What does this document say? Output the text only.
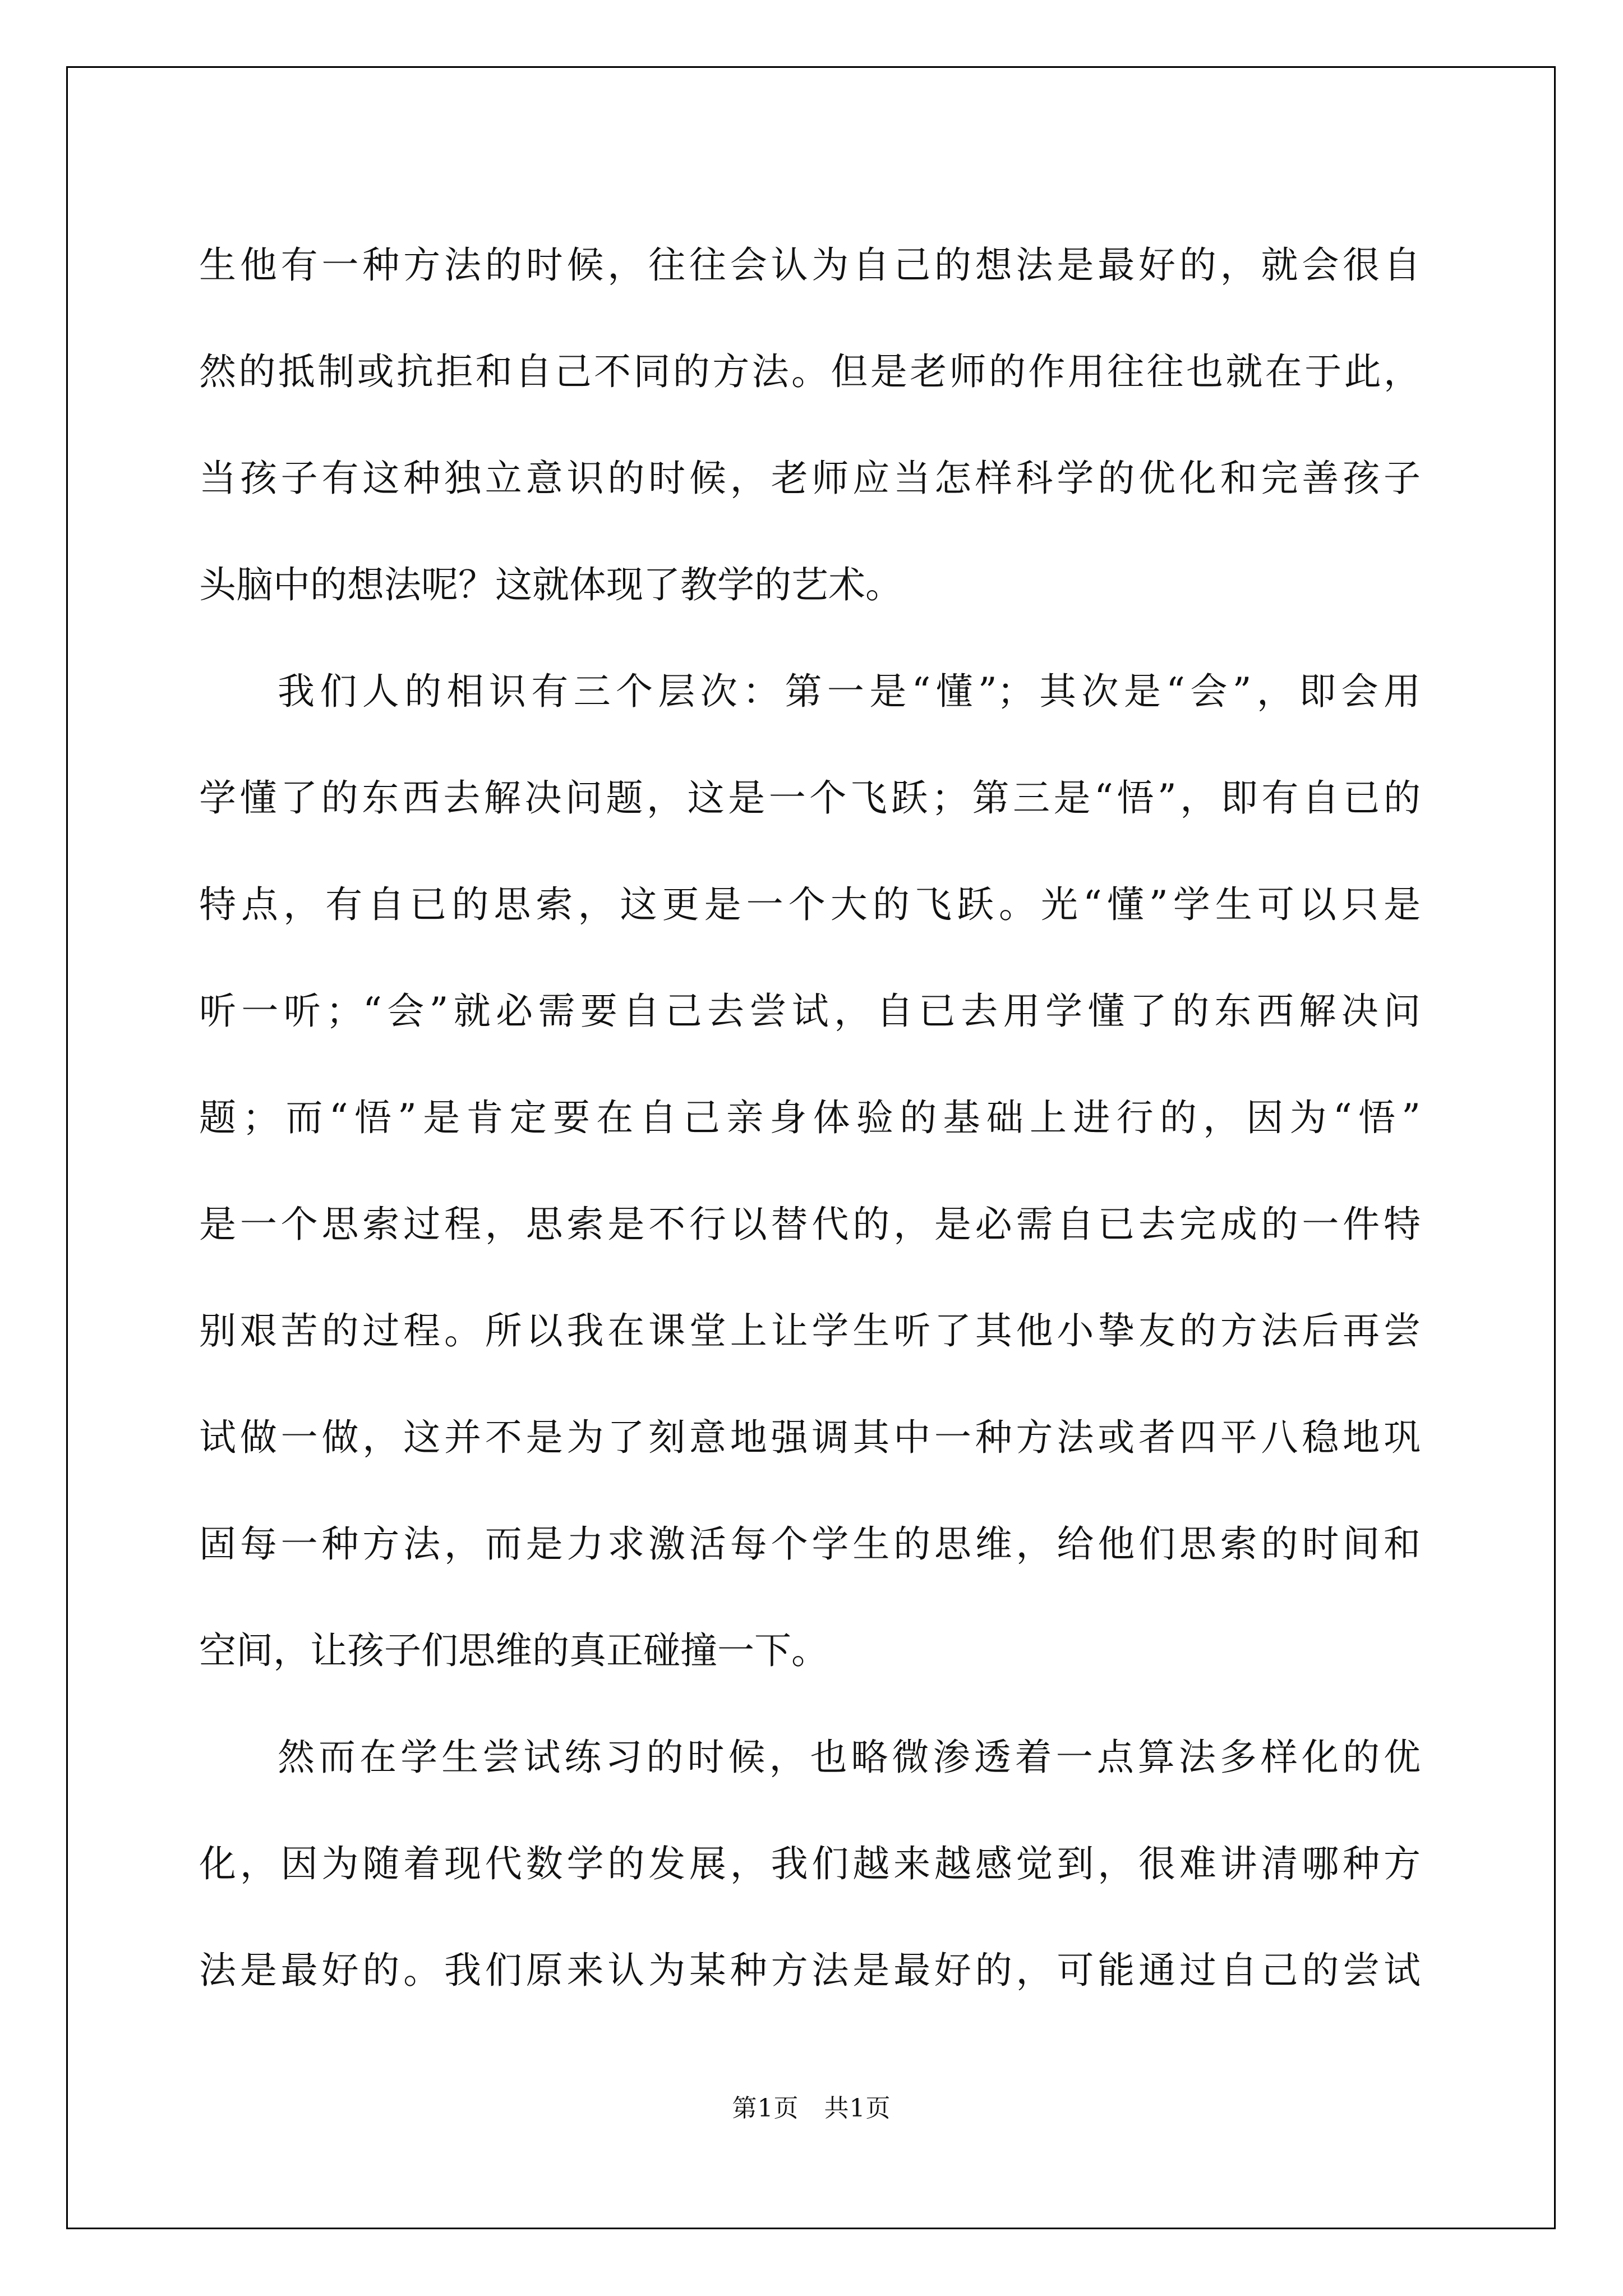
生他有一种方法的时候，往往会认为自己的想法是最好的，就会很自
然的抵制或抗拒和自己不同的方法。但是老师的作用往往也就在于此，
当孩子有这种独立意识的时候，老师应当怎样科学的优化和完善孩子
头脑中的想法呢？这就体现了教学的艺术。
我们人的相识有三个层次：第一是“懂”；其次是“会”，即会用
学懂了的东西去解决问题，这是一个飞跃；第三是“悟”，即有自已的
特点，有自已的思索，这更是一个大的飞跃。光“懂”学生可以只是
听一听；“会”就必需要自己去尝试，自已去用学懂了的东西解决问
题；而“悟”是肯定要在自己亲身体验的基础上进行的，因为“悟”
是一个思索过程，思索是不行以替代的，是必需自已去完成的一件特
别艰苦的过程。所以我在课堂上让学生听了其他小挚友的方法后再尝
试做一做，这并不是为了刻意地强调其中一种方法或者四平八稳地巩
固每一种方法，而是力求激活每个学生的思维，给他们思索的时间和
空间，让孩子们思维的真正碰撞一下。
然而在学生尝试练习的时候，也略微渗透着一点算法多样化的优
化，因为随着现代数学的发展，我们越来越感觉到，很难讲清哪种方
法是最好的。我们原来认为某种方法是最好的，可能通过自己的尝试
第1页　共1页
